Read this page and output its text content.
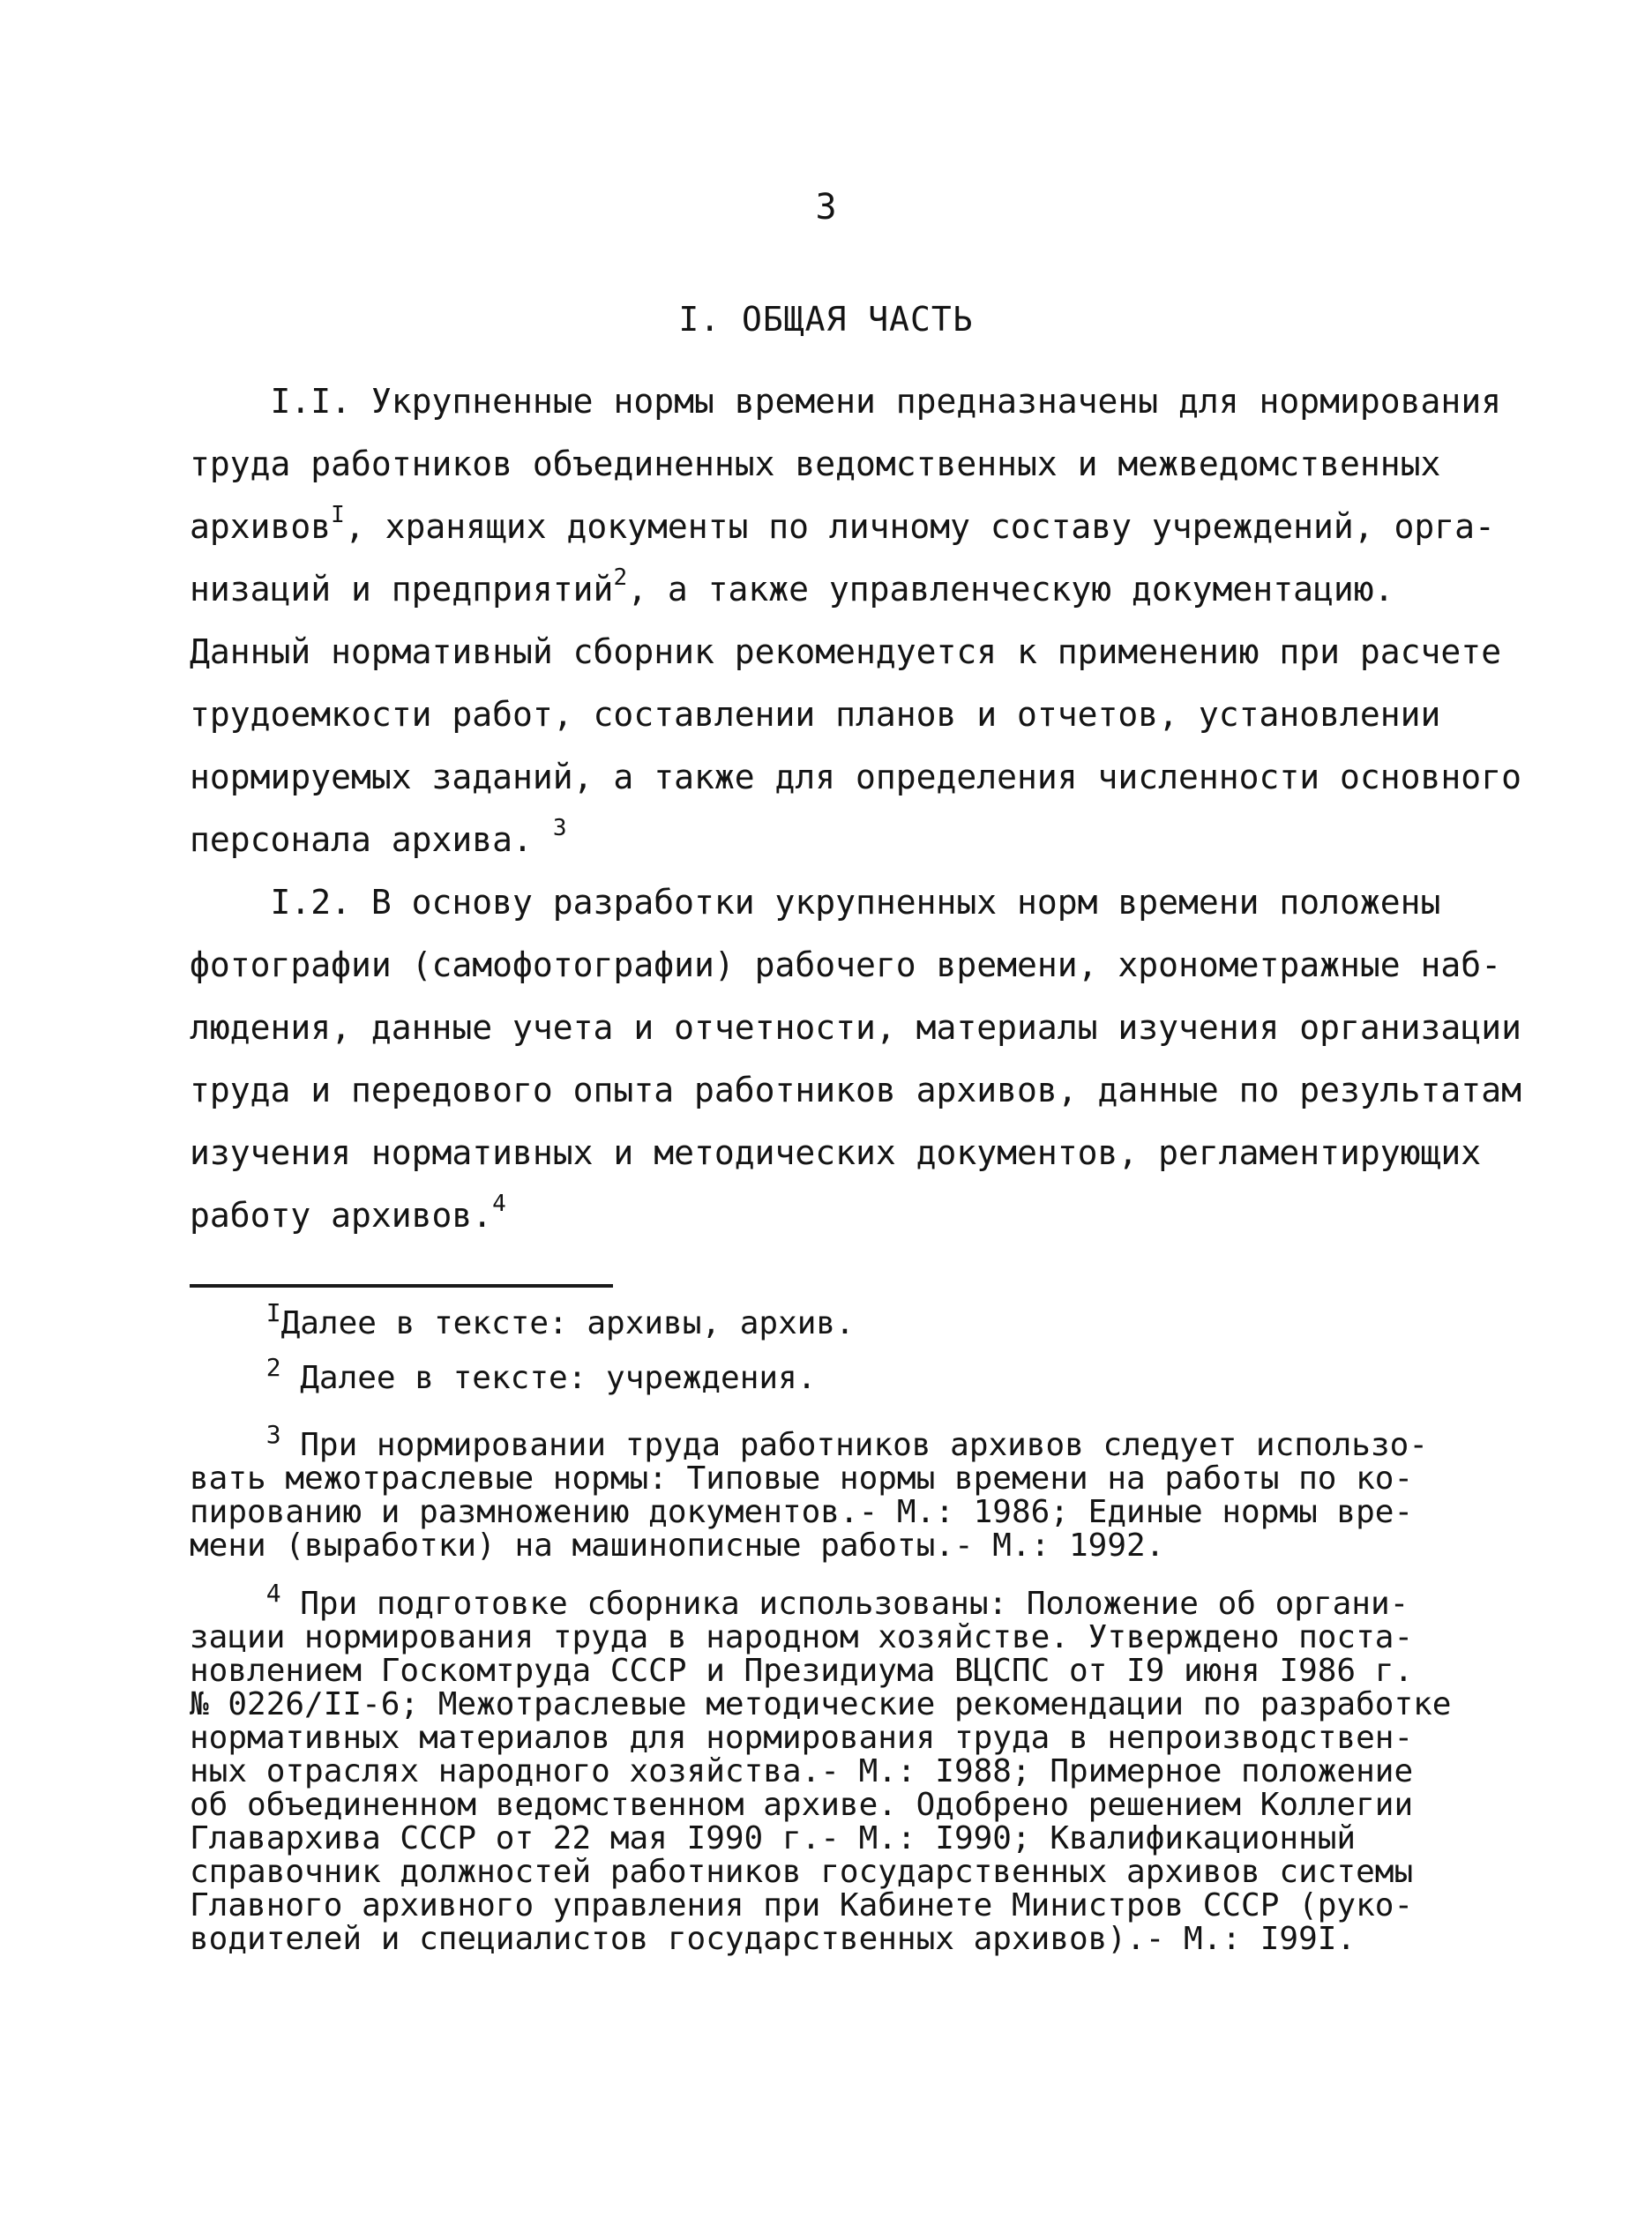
3
I. ОБЩАЯ ЧАСТЬ
I.I. Укрупненные нормы времени предназначены для нормирования
труда работников объединенных ведомственных и межведомственных
архивов$^I$, хранящих документы по личному составу учреждений, орга-
низаций и предприятий$^2$, а также управленческую документацию.
Данный нормативный сборник рекомендуется к применению при расчете
трудоемкости работ, составлении планов и отчетов, установлении
нормируемых заданий, а также для определения численности основного
персонала архива. $^3$
I.2. В основу разработки укрупненных норм времени положены
фотографии (самофотографии) рабочего времени, хронометражные наб-
людения, данные учета и отчетности, материалы изучения организации
труда и передового опыта работников архивов, данные по результатам
изучения нормативных и методических документов, регламентирующих
работу архивов.$^4$
$^I$Далее в тексте: архивы, архив.
$^2$ Далее в тексте: учреждения.
$^3$ При нормировании труда работников архивов следует использо-
вать межотраслевые нормы: Типовые нормы времени на работы по ко-
пированию и размножению документов.- М.: 1986; Единые нормы вре-
мени (выработки) на машинописные работы.- М.: 1992.
$^4$ При подготовке сборника использованы: Положение об органи-
зации нормирования труда в народном хозяйстве. Утверждено поста-
новлением Госкомтруда СССР и Президиума ВЦСПС от I9 июня I986 г.
№ 0226/II-6; Межотраслевые методические рекомендации по разработке
нормативных материалов для нормирования труда в непроизводствен-
ных отраслях народного хозяйства.- М.: I988; Примерное положение
об объединенном ведомственном архиве. Одобрено решением Коллегии
Главархива СССР от 22 мая I990 г.- М.: I990; Квалификационный
справочник должностей работников государственных архивов системы
Главного архивного управления при Кабинете Министров СССР (руко-
водителей и специалистов государственных архивов).- М.: I99I.
